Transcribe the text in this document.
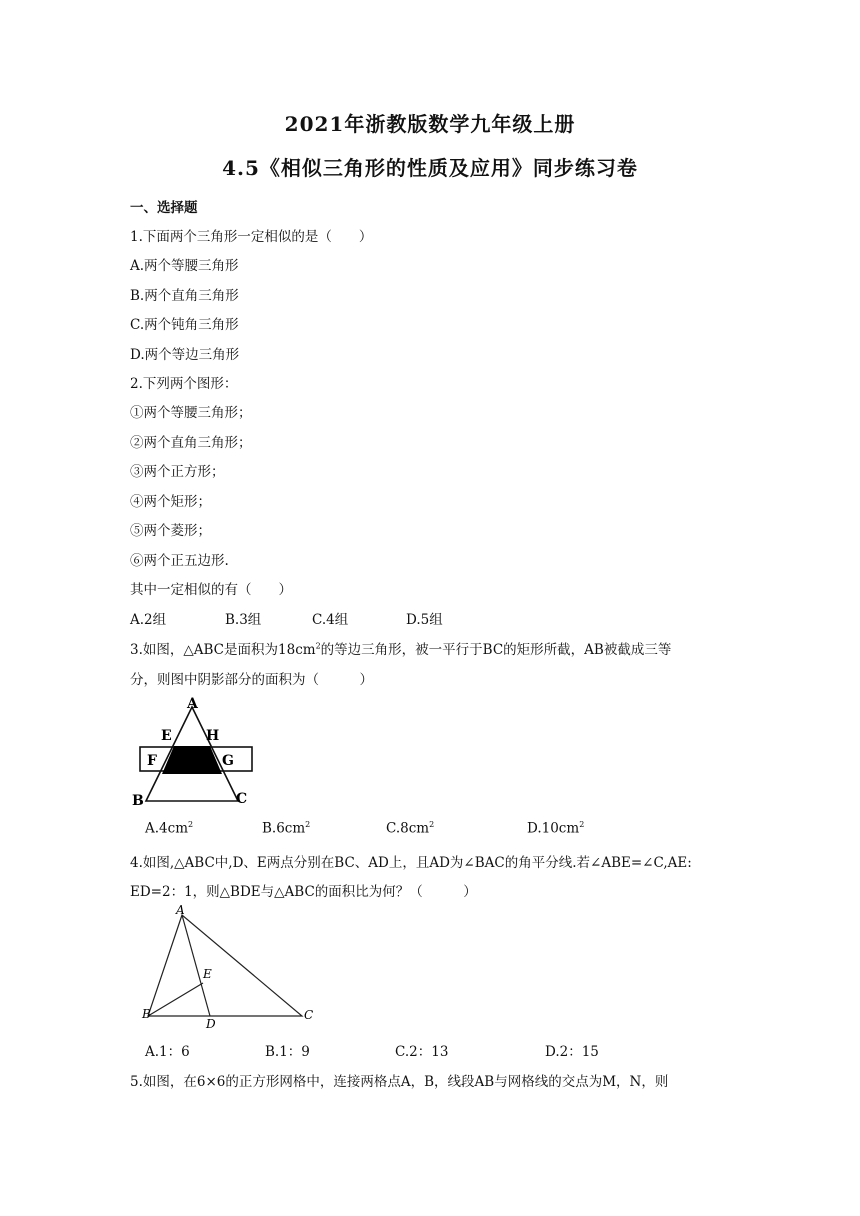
2021年浙教版数学九年级上册
4.5《相似三角形的性质及应用》同步练习卷
一、选择题
1.下面两个三角形一定相似的是（　　）
A.两个等腰三角形
B.两个直角三角形
C.两个钝角三角形
D.两个等边三角形
2.下列两个图形：
①两个等腰三角形；
②两个直角三角形；
③两个正方形；
④两个矩形；
⑤两个菱形；
⑥两个正五边形.
其中一定相似的有（　　）
A.2组	B.3组	C.4组	D.5组
3.如图，△ABC是面积为$18cm^2$的等边三角形，被一平行于BC的矩形所截，AB被截成三等
分，则图中阴影部分的面积为（　　　）
A
E H
F	G
B	C
$A.4cm^2$	$B.6cm^2$	$C.8cm^2$	$D.10cm^2$
4.如图,△ABC中,D、E两点分别在BC、AD上，且AD为∠BAC的角平分线.若∠ABE=∠C,AE:
ED=2：1，则△BDE与△ABC的面积比为何？（　　　）
A
E
B
D
C
A.1：6	B.1：9	C.2：13	D.2：15
5.如图，在6×6的正方形网格中，连接两格点A，B，线段AB与网格线的交点为M，N，则
